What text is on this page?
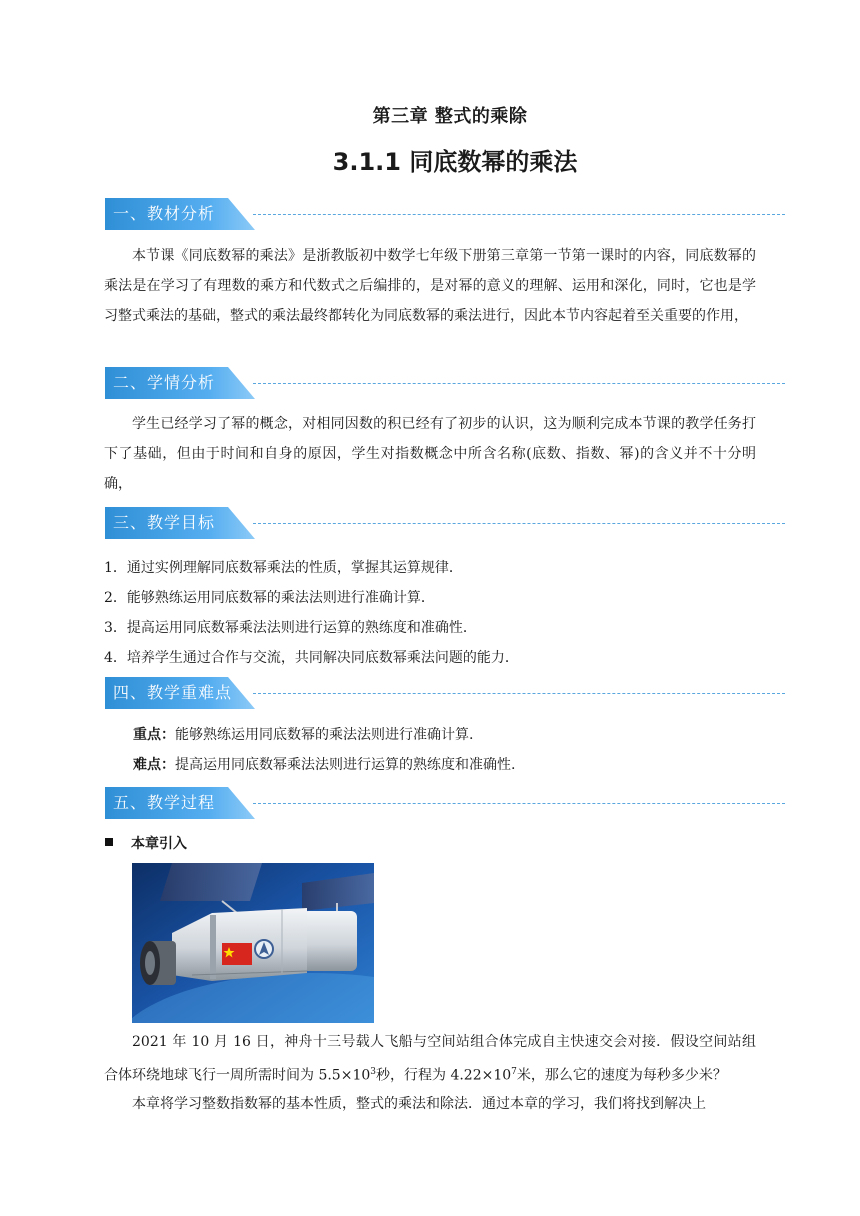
第三章 整式的乘除
3.1.1 同底数幂的乘法
一、教材分析
本节课《同底数幂的乘法》是浙教版初中数学七年级下册第三章第一节第一课时的内容，同底数幂的乘法是在学习了有理数的乘方和代数式之后编排的，是对幂的意义的理解、运用和深化，同时，它也是学习整式乘法的基础，整式的乘法最终都转化为同底数幂的乘法进行，因此本节内容起着至关重要的作用，
二、学情分析
学生已经学习了幂的概念，对相同因数的积已经有了初步的认识，这为顺利完成本节课的教学任务打下了基础，但由于时间和自身的原因，学生对指数概念中所含名称(底数、指数、幂)的含义并不十分明确，
三、教学目标
1．通过实例理解同底数幂乘法的性质，掌握其运算规律．
2．能够熟练运用同底数幂的乘法法则进行准确计算．
3．提高运用同底数幂乘法法则进行运算的熟练度和准确性．
4．培养学生通过合作与交流，共同解决同底数幂乘法问题的能力．
四、教学重难点
重点：能够熟练运用同底数幂的乘法法则进行准确计算.
难点：提高运用同底数幂乘法法则进行运算的熟练度和准确性.
五、教学过程
本章引入
2021 年 10 月 16 日，神舟十三号载人飞船与空间站组合体完成自主快速交会对接．假设空间站组合体环绕地球飞行一周所需时间为 $5.5\times 10^3$秒，行程为 $4.22\times 10^7$米，那么它的速度为每秒多少米？
本章将学习整数指数幂的基本性质，整式的乘法和除法．通过本章的学习，我们将找到解决上
